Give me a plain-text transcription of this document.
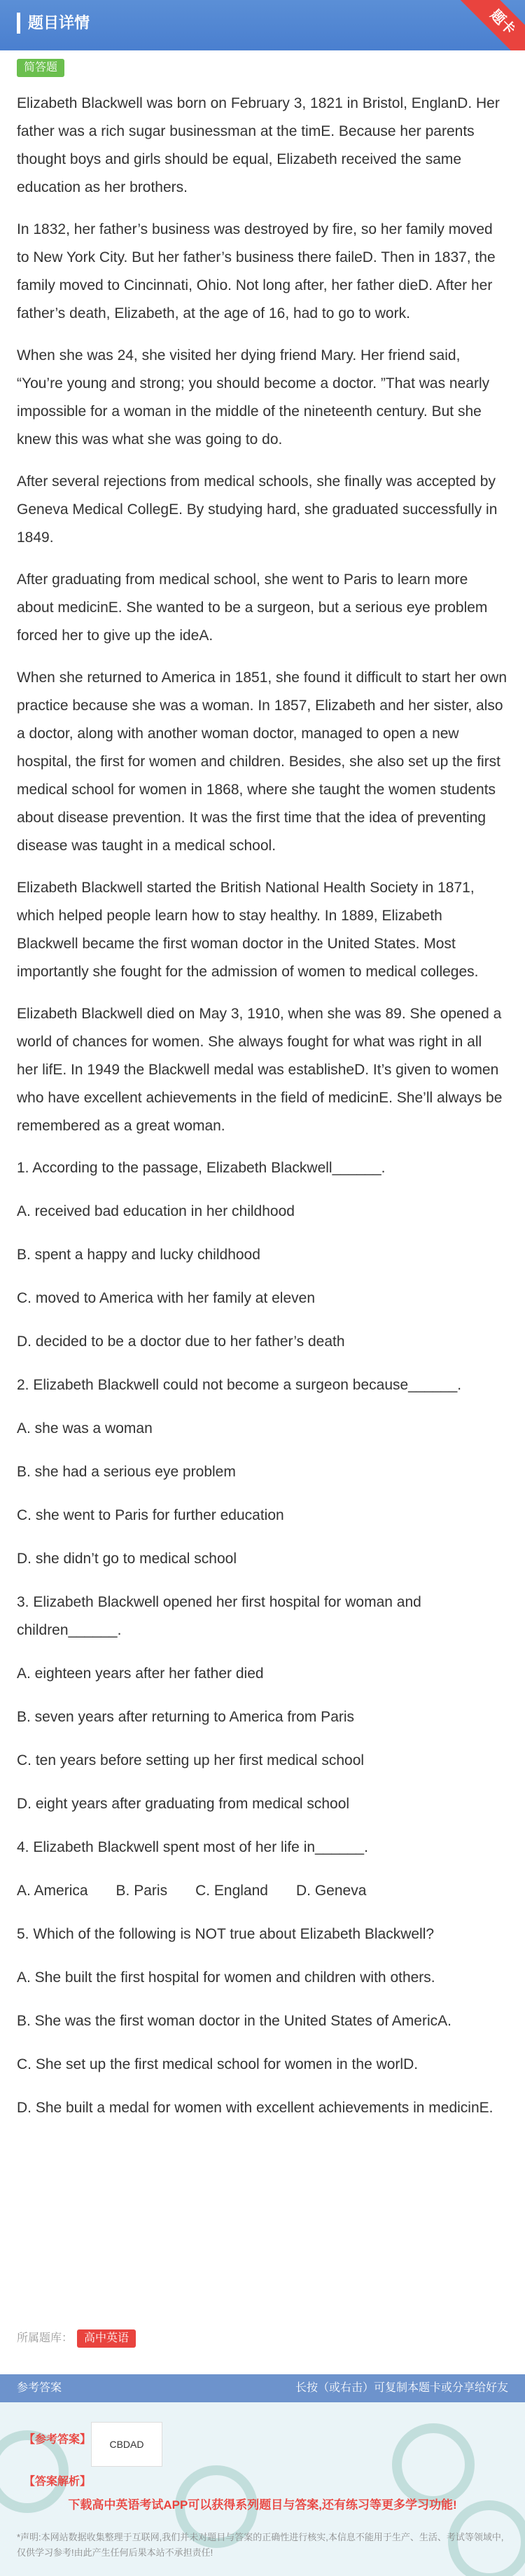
题目详情	题卡
简答题

Elizabeth Blackwell was born on February 3, 1821 in Bristol, EnglanD. Her father was a rich sugar businessman at the timE. Because her parents thought boys and girls should be equal, Elizabeth received the same education as her brothers.

In 1832, her father’s business was destroyed by fire, so her family moved to New York City. But her father’s business there faileD. Then in 1837, the family moved to Cincinnati, Ohio. Not long after, her father dieD. After her father’s death, Elizabeth, at the age of 16, had to go to work.

When she was 24, she visited her dying friend Mary. Her friend said, “You’re young and strong; you should become a doctor. ”That was nearly impossible for a woman in the middle of the nineteenth century. But she knew this was what she was going to do.

After several rejections from medical schools, she finally was accepted by Geneva Medical CollegE. By studying hard, she graduated successfully in 1849.

After graduating from medical school, she went to Paris to learn more about medicinE. She wanted to be a surgeon, but a serious eye problem forced her to give up the ideA.

When she returned to America in 1851, she found it difficult to start her own practice because she was a woman. In 1857, Elizabeth and her sister, also a doctor, along with another woman doctor, managed to open a new hospital, the first for women and children. Besides, she also set up the first medical school for women in 1868, where she taught the women students about disease prevention. It was the first time that the idea of preventing disease was taught in a medical school.

Elizabeth Blackwell started the British National Health Society in 1871, which helped people learn how to stay healthy. In 1889, Elizabeth Blackwell became the first woman doctor in the United States. Most importantly she fought for the admission of women to medical colleges.

Elizabeth Blackwell died on May 3, 1910, when she was 89. She opened a world of chances for women. She always fought for what was right in all her lifE. In 1949 the Blackwell medal was establisheD. It’s given to women who have excellent achievements in the field of medicinE. She’ll always be remembered as a great woman.

1. According to the passage, Elizabeth Blackwell______.

A. received bad education in her childhood

B. spent a happy and lucky childhood

C. moved to America with her family at eleven

D. decided to be a doctor due to her father’s death

2. Elizabeth Blackwell could not become a surgeon because______.

A. she was a woman

B. she had a serious eye problem

C. she went to Paris for further education

D. she didn’t go to medical school

3. Elizabeth Blackwell opened her first hospital for woman and children______.

A. eighteen years after her father died

B. seven years after returning to America from Paris

C. ten years before setting up her first medical school

D. eight years after graduating from medical school

4. Elizabeth Blackwell spent most of her life in______.

A. America B. Paris C. England D. Geneva

5. Which of the following is NOT true about Elizabeth Blackwell?

A. She built the first hospital for women and children with others.

B. She was the first woman doctor in the United States of AmericA.

C. She set up the first medical school for women in the worlD.

D. She built a medal for women with excellent achievements in medicinE.

所属题库： 高中英语
参考答案	长按（或右击）可复制本题卡或分享给好友
【参考答案】	CBDAD
【答案解析】
下载高中英语考试APP可以获得系列题目与答案,还有练习等更多学习功能!
*声明:本网站数据收集整理于互联网,我们并未对题目与答案的正确性进行核实,本信息不能用于生产、生活、考试等领域中,仅供学习参考!由此产生任何后果本站不承担责任!
